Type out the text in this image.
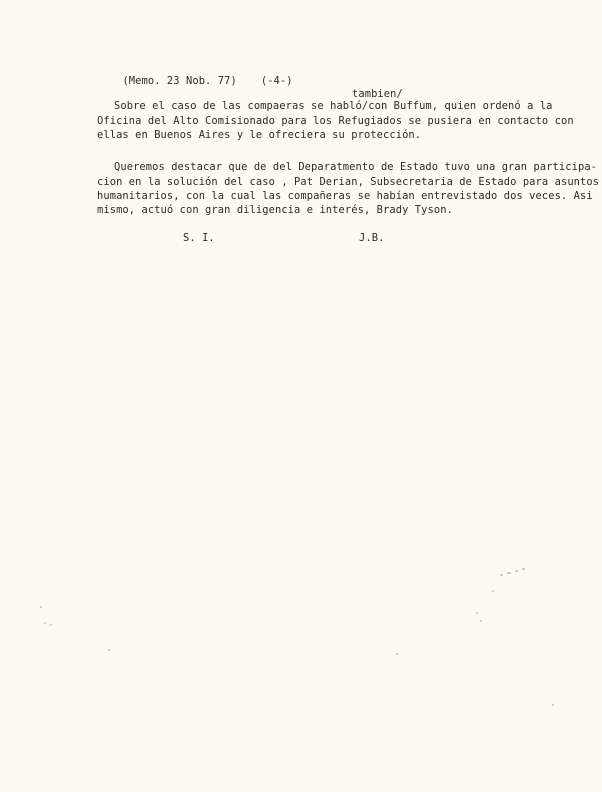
(Memo. 23 Nob. 77) (-4-)

tambien/
Sobre el caso de las compaeras se habló/con Buffum, quien ordenó a la
Oficina del Alto Comisionado para los Refugiados se pusiera en contacto con
ellas en Buenos Aires y le ofreciera su protección.
Queremos destacar que de del Deparatmento de Estado tuvo una gran participa-
cion en la solución del caso , Pat Derian, Subsecretaria de Estado para asuntos
humanitarios, con la cual las compañeras se habían entrevistado dos veces. Asi
mismo, actuó con gran diligencia e interés, Brady Tyson.
S. I.	J.B.
